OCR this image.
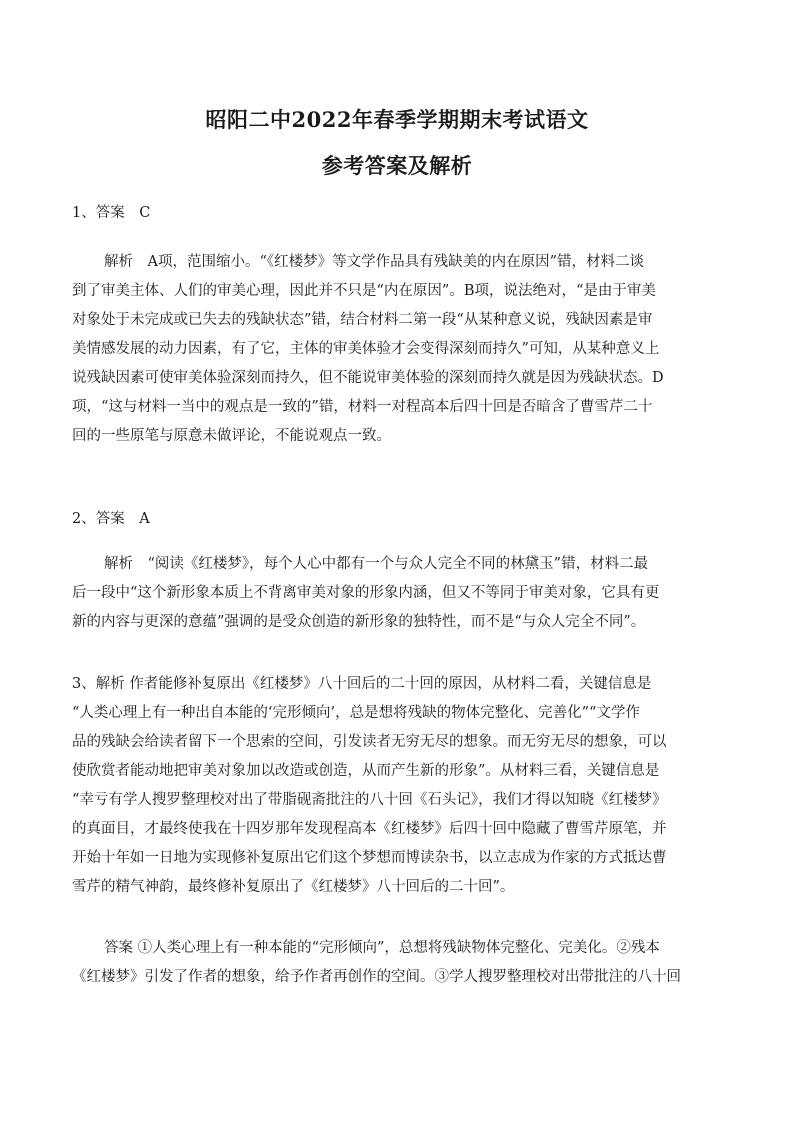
昭阳二中2022年春季学期期末考试语文
参考答案及解析
1、答案　C
解析　A项，范围缩小。“《红楼梦》等文学作品具有残缺美的内在原因”错，材料二谈
到了审美主体、人们的审美心理，因此并不只是“内在原因”。B项，说法绝对，“是由于审美
对象处于未完成或已失去的残缺状态”错，结合材料二第一段“从某种意义说，残缺因素是审
美情感发展的动力因素，有了它，主体的审美体验才会变得深刻而持久”可知，从某种意义上
说残缺因素可使审美体验深刻而持久，但不能说审美体验的深刻而持久就是因为残缺状态。D
项，“这与材料一当中的观点是一致的”错，材料一对程高本后四十回是否暗含了曹雪芹二十
回的一些原笔与原意未做评论，不能说观点一致。
2、答案　A
解析　“阅读《红楼梦》，每个人心中都有一个与众人完全不同的林黛玉”错，材料二最
后一段中“这个新形象本质上不背离审美对象的形象内涵，但又不等同于审美对象，它具有更
新的内容与更深的意蕴”强调的是受众创造的新形象的独特性，而不是“与众人完全不同”。
3、解析 作者能修补复原出《红楼梦》八十回后的二十回的原因，从材料二看，关键信息是
“人类心理上有一种出自本能的‘完形倾向’，总是想将残缺的物体完整化、完善化”“文学作
品的残缺会给读者留下一个思索的空间，引发读者无穷无尽的想象。而无穷无尽的想象，可以
使欣赏者能动地把审美对象加以改造或创造，从而产生新的形象”。从材料三看，关键信息是
“幸亏有学人搜罗整理校对出了带脂砚斋批注的八十回《石头记》，我们才得以知晓《红楼梦》
的真面目，才最终使我在十四岁那年发现程高本《红楼梦》后四十回中隐藏了曹雪芹原笔，并
开始十年如一日地为实现修补复原出它们这个梦想而博读杂书，以立志成为作家的方式抵达曹
雪芹的精气神韵，最终修补复原出了《红楼梦》八十回后的二十回”。
答案 ①人类心理上有一种本能的“完形倾向”，总想将残缺物体完整化、完美化。②残本
《红楼梦》引发了作者的想象，给予作者再创作的空间。③学人搜罗整理校对出带批注的八十回
